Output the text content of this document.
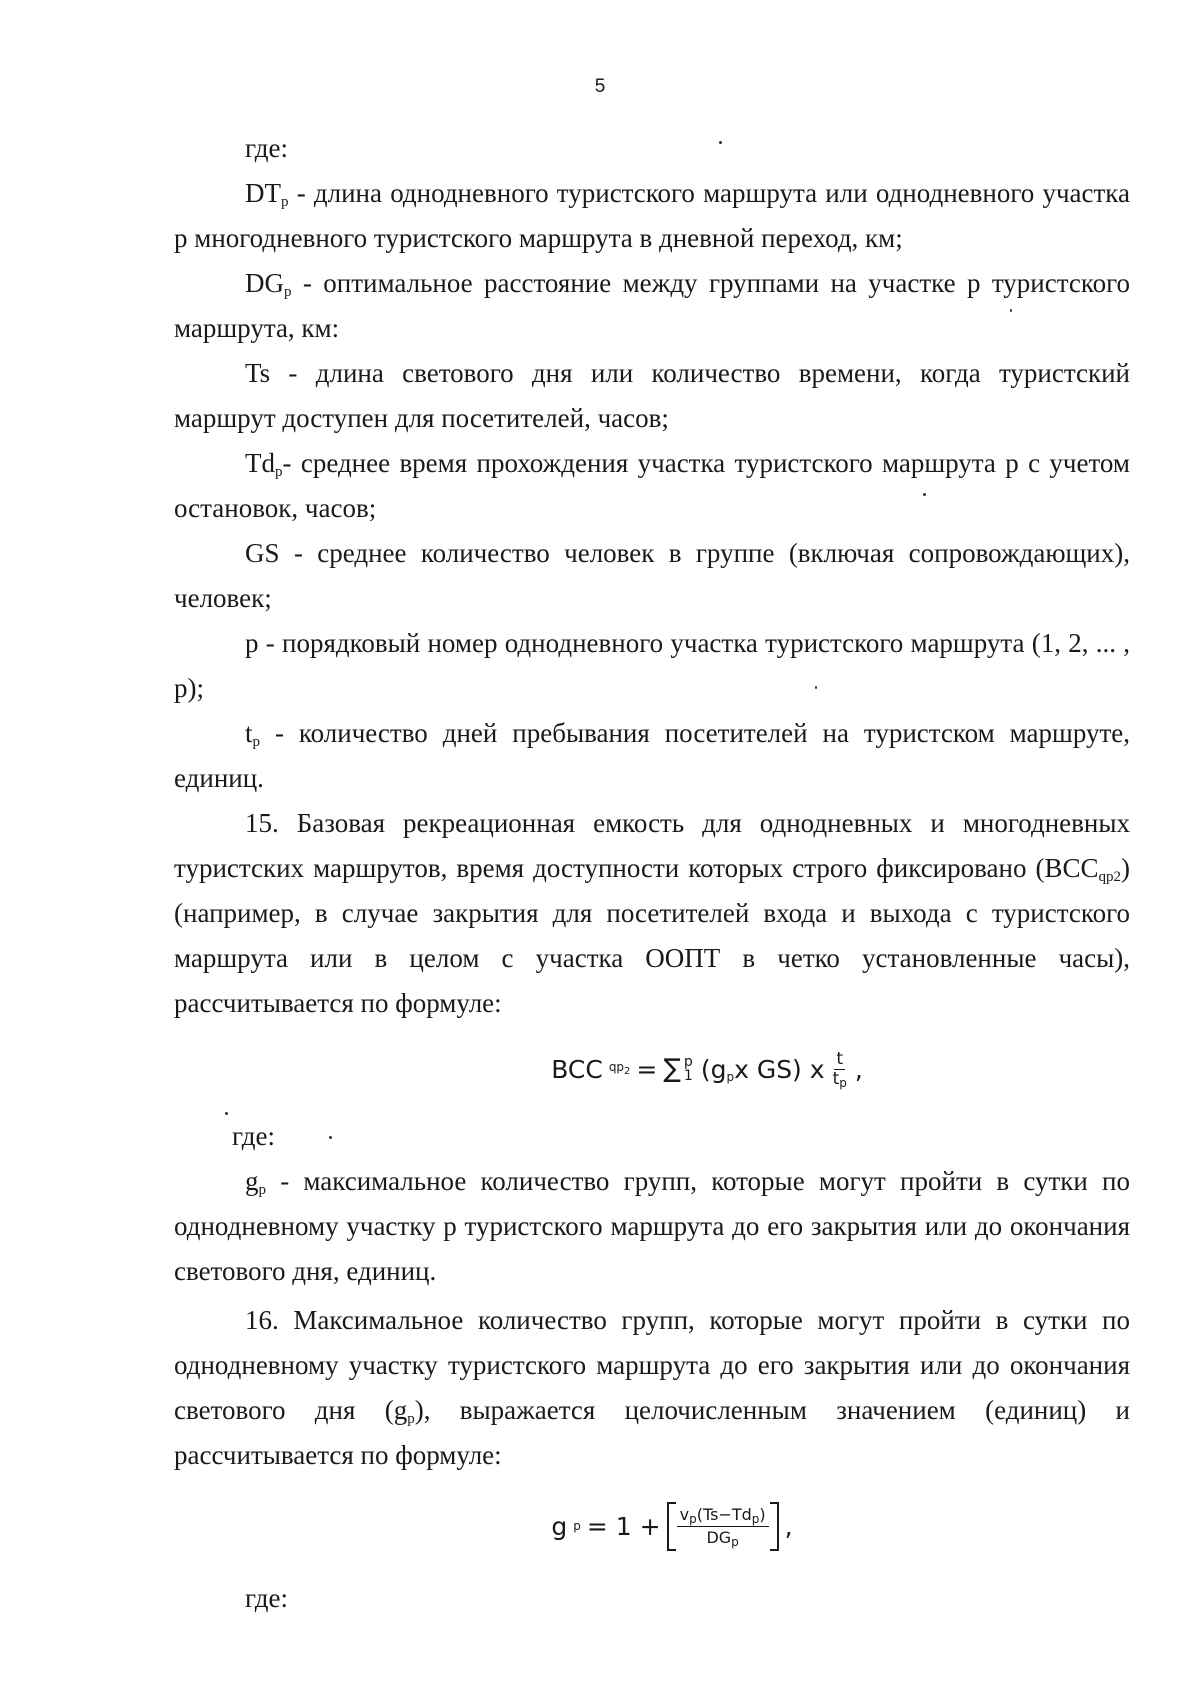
5

где:

$DT_p$ - длина однодневного туристского маршрута или однодневного участка р многодневного туристского маршрута в дневной переход, км;

$DG_p$ - оптимальное расстояние между группами на участке р туристского маршрута, км:

Ts - длина светового дня или количество времени, когда туристский маршрут доступен для посетителей, часов;

$Td_p-$ среднее время прохождения участка туристского маршрута р с учетом остановок, часов;

GS - среднее количество человек в группе (включая сопровождающих), человек;

р - порядковый номер однодневного участка туристского маршрута (1, 2, ... , р);

$t_p$ - количество дней пребывания посетителей на туристском маршруте, единиц.

15. Базовая рекреационная емкость для однодневных и многодневных туристских маршрутов, время доступности которых строго фиксировано $(BCC_{qp2})$ (например, в случае закрытия для посетителей входа и выхода с туристского маршрута или в целом с участка ООПТ в четко установленные часы), рассчитывается по формуле:

BCC $qp_2$ = ∑ p
1 ($g_px$ GS) x $\frac{t}{t_p}$ ,

где:

$g_p$ - максимальное количество групп, которые могут пройти в сутки по однодневному участку р туристского маршрута до его закрытия или до окончания светового дня, единиц.

16. Максимальное количество групп, которые могут пройти в сутки по однодневному участку туристского маршрута до его закрытия или до окончания светового дня $(g_p)$, выражается целочисленным значением (единиц) и рассчитывается по формуле:

g $p = 1 + \frac{v_p(Ts-Td_p)}{DG_p}$ ,

где:
